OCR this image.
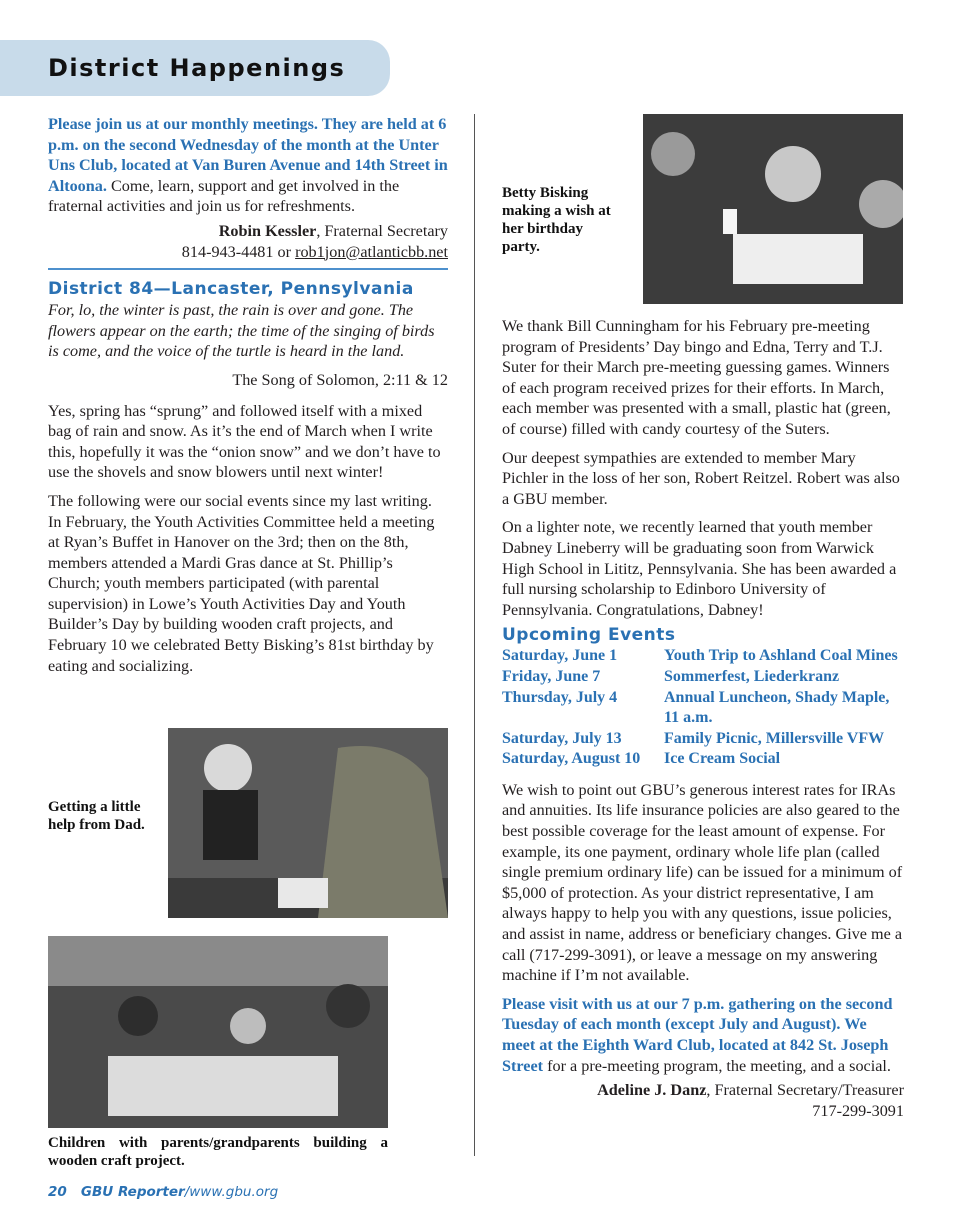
District Happenings

Please join us at our monthly meetings. They are held at 6 p.m. on the second Wednesday of the month at the Unter Uns Club, located at Van Buren Avenue and 14th Street in Altoona. Come, learn, support and get involved in the fraternal activities and join us for refreshments.

Robin Kessler, Fraternal Secretary
814-943-4481 or rob1jon@atlanticbb.net
District 84—Lancaster, Pennsylvania

For, lo, the winter is past, the rain is over and gone. The flowers appear on the earth; the time of the singing of birds is come, and the voice of the turtle is heard in the land.

The Song of Solomon, 2:11 & 12

Yes, spring has “sprung” and followed itself with a mixed bag of rain and snow. As it’s the end of March when I write this, hopefully it was the “onion snow” and we don’t have to use the shovels and snow blowers until next winter!

The following were our social events since my last writing. In February, the Youth Activities Committee held a meeting at Ryan’s Buffet in Hanover on the 3rd; then on the 8th, members attended a Mardi Gras dance at St. Phillip’s Church; youth members participated (with parental supervision) in Lowe’s Youth Activities Day and Youth Builder’s Day by building wooden craft projects, and February 10 we celebrated Betty Bisking’s 81st birthday by eating and socializing.

Getting a little help from Dad.
Children with parents/grandparents building a wooden craft project.
Betty Bisking making a wish at her birthday party.

We thank Bill Cunningham for his February pre-meeting program of Presidents’ Day bingo and Edna, Terry and T.J. Suter for their March pre-meeting guessing games. Winners of each program received prizes for their efforts. In March, each member was presented with a small, plastic hat (green, of course) filled with candy courtesy of the Suters.

Our deepest sympathies are extended to member Mary Pichler in the loss of her son, Robert Reitzel. Robert was also a GBU member.

On a lighter note, we recently learned that youth member Dabney Lineberry will be graduating soon from Warwick High School in Lititz, Pennsylvania. She has been awarded a full nursing scholarship to Edinboro University of Pennsylvania. Congratulations, Dabney!

Upcoming Events
Saturday, June 1	Youth Trip to Ashland Coal Mines
Friday, June 7	Sommerfest, Liederkranz
Thursday, July 4	Annual Luncheon, Shady Maple, 11 a.m.
Saturday, July 13	Family Picnic, Millersville VFW
Saturday, August 10	Ice Cream Social

We wish to point out GBU’s generous interest rates for IRAs and annuities. Its life insurance policies are also geared to the best possible coverage for the least amount of expense. For example, its one payment, ordinary whole life plan (called single premium ordinary life) can be issued for a minimum of $5,000 of protection. As your district representative, I am always happy to help you with any questions, issue policies, and assist in name, address or beneficiary changes. Give me a call (717-299-3091), or leave a message on my answering machine if I’m not available.

Please visit with us at our 7 p.m. gathering on the second Tuesday of each month (except July and August). We meet at the Eighth Ward Club, located at 842 St. Joseph Street for a pre-meeting program, the meeting, and a social.

Adeline J. Danz, Fraternal Secretary/Treasurer
717-299-3091
20 GBU Reporter/www.gbu.org
